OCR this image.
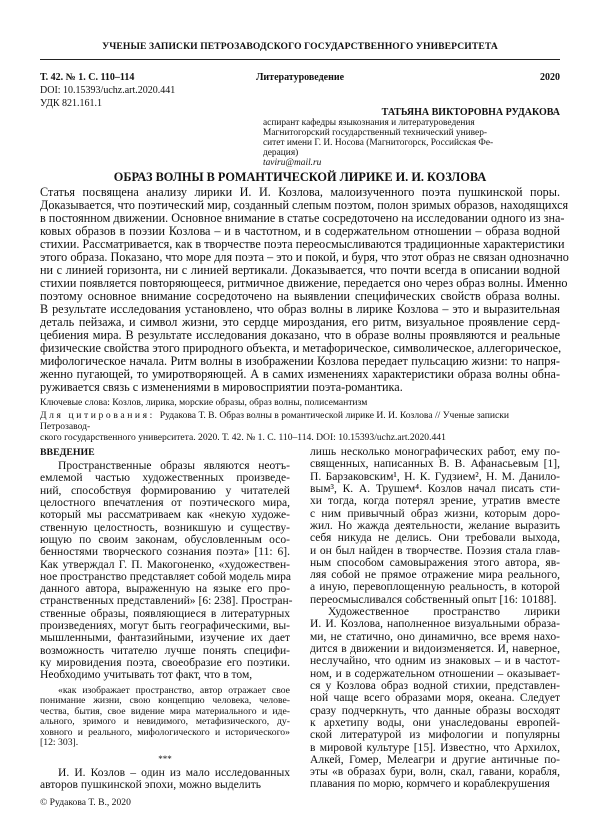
УЧЕНЫЕ ЗАПИСКИ ПЕТРОЗАВОДСКОГО ГОСУДАРСТВЕННОГО УНИВЕРСИТЕТА
Т. 42. № 1. С. 110–114	Литературоведение	2020
DOI: 10.15393/uchz.art.2020.441
УДК 821.161.1
ТАТЬЯНА ВИКТОРОВНА РУДАКОВА
аспирант кафедры языкознания и литературоведения
Магнитогорский государственный технический универ-
ситет имени Г. И. Носова (Магнитогорск, Российская Фе-
дерация)
taviru@mail.ru
ОБРАЗ ВОЛНЫ В РОМАНТИЧЕСКОЙ ЛИРИКЕ И. И. КОЗЛОВА
Статья посвящена анализу лирики И. И. Козлова, малоизученного поэта пушкинской поры.
Доказывается, что поэтический мир, созданный слепым поэтом, полон зримых образов, находящихся
в постоянном движении. Основное внимание в статье сосредоточено на исследовании одного из зна-
ковых образов в поэзии Козлова – и в частотном, и в содержательном отношении – образа водной
стихии. Рассматривается, как в творчестве поэта переосмысливаются традиционные характеристики
этого образа. Показано, что море для поэта – это и покой, и буря, что этот образ не связан однозначно
ни с линией горизонта, ни с линией вертикали. Доказывается, что почти всегда в описании водной
стихии появляется повторяющееся, ритмичное движение, передается оно через образ волны. Именно
поэтому основное внимание сосредоточено на выявлении специфических свойств образа волны.
В результате исследования установлено, что образ волны в лирике Козлова – это и выразительная
деталь пейзажа, и символ жизни, это сердце мироздания, его ритм, визуальное проявление серд-
цебиения мира. В результате исследования доказано, что в образе волны проявляются и реальные
физические свойства этого природного объекта, и метафорическое, символическое, аллегорическое,
мифологическое начала. Ритм волны в изображении Козлова передает пульсацию жизни: то напря-
женно пугающей, то умиротворяющей. А в самих изменениях характеристики образа волны обна-
руживается связь с изменениями в мировосприятии поэта-романтика.
Ключевые слова: Козлов, лирика, морские образы, образ волны, полисемантизм
Для цитирования: Рудакова Т. В. Образ волны в романтической лирике И. И. Козлова // Ученые записки Петрозавод-
ского государственного университета. 2020. Т. 42. № 1. С. 110–114. DOI: 10.15393/uchz.art.2020.441
ВВЕДЕНИЕ
Пространственные образы являются неотъ-
емлемой частью художественных произведе-
ний, способствуя формированию у читателей
целостного впечатления от поэтического мира,
который мы рассматриваем как «некую художе-
ственную целостность, возникшую и существу-
ющую по своим законам, обусловленным осо-
бенностями творческого сознания поэта» [11: 6].
Как утверждал Г. П. Макогоненко, «художествен-
ное пространство представляет собой модель мира
данного автора, выраженную на языке его про-
странственных представлений» [6: 238]. Простран-
ственные образы, появляющиеся в литературных
произведениях, могут быть географическими, вы-
мышленными, фантазийными, изучение их дает
возможность читателю лучше понять специфи-
ку мировидения поэта, своеобразие его поэтики.
Необходимо учитывать тот факт, что в том,
«как изображает пространство, автор отражает свое
понимание жизни, свою концепцию человека, челове-
чества, бытия, свое видение мира материального и иде-
ального, зримого и невидимого, метафизического, ду-
ховного и реального, мифологического и исторического»
[12: 303].
***
И. И. Козлов – один из мало исследованных
авторов пушкинской эпохи, можно выделить
© Рудакова Т. В., 2020
лишь несколько монографических работ, ему по-
священных, написанных В. В. Афанасьевым [1],
П. Барзаковским¹, Н. К. Гудзием², Н. М. Данило-
вым³, К. А. Трушем⁴. Козлов начал писать сти-
хи тогда, когда потерял зрение, утратив вместе
с ним привычный образ жизни, которым доро-
жил. Но жажда деятельности, желание выразить
себя никуда не делись. Они требовали выхода,
и он был найден в творчестве. Поэзия стала глав-
ным способом самовыражения этого автора, яв-
ляя собой не прямое отражение мира реального,
а иную, перевоплощенную реальность, в которой
переосмысливался собственный опыт [16: 10188].
Художественное пространство лирики
И. И. Козлова, наполненное визуальными образа-
ми, не статично, оно динамично, все время нахо-
дится в движении и видоизменяется. И, наверное,
неслучайно, что одним из знаковых – и в частот-
ном, и в содержательном отношении – оказывает-
ся у Козлова образ водной стихии, представлен-
ной чаще всего образами моря, океана. Следует
сразу подчеркнуть, что данные образы восходят
к архетипу воды, они унаследованы европей-
ской литературой из мифологии и популярны
в мировой культуре [15]. Известно, что Архилох,
Алкей, Гомер, Мелеагри и другие античные по-
эты «в образах бури, волн, скал, гавани, корабля,
плавания по морю, кормчего и кораблекрушения
